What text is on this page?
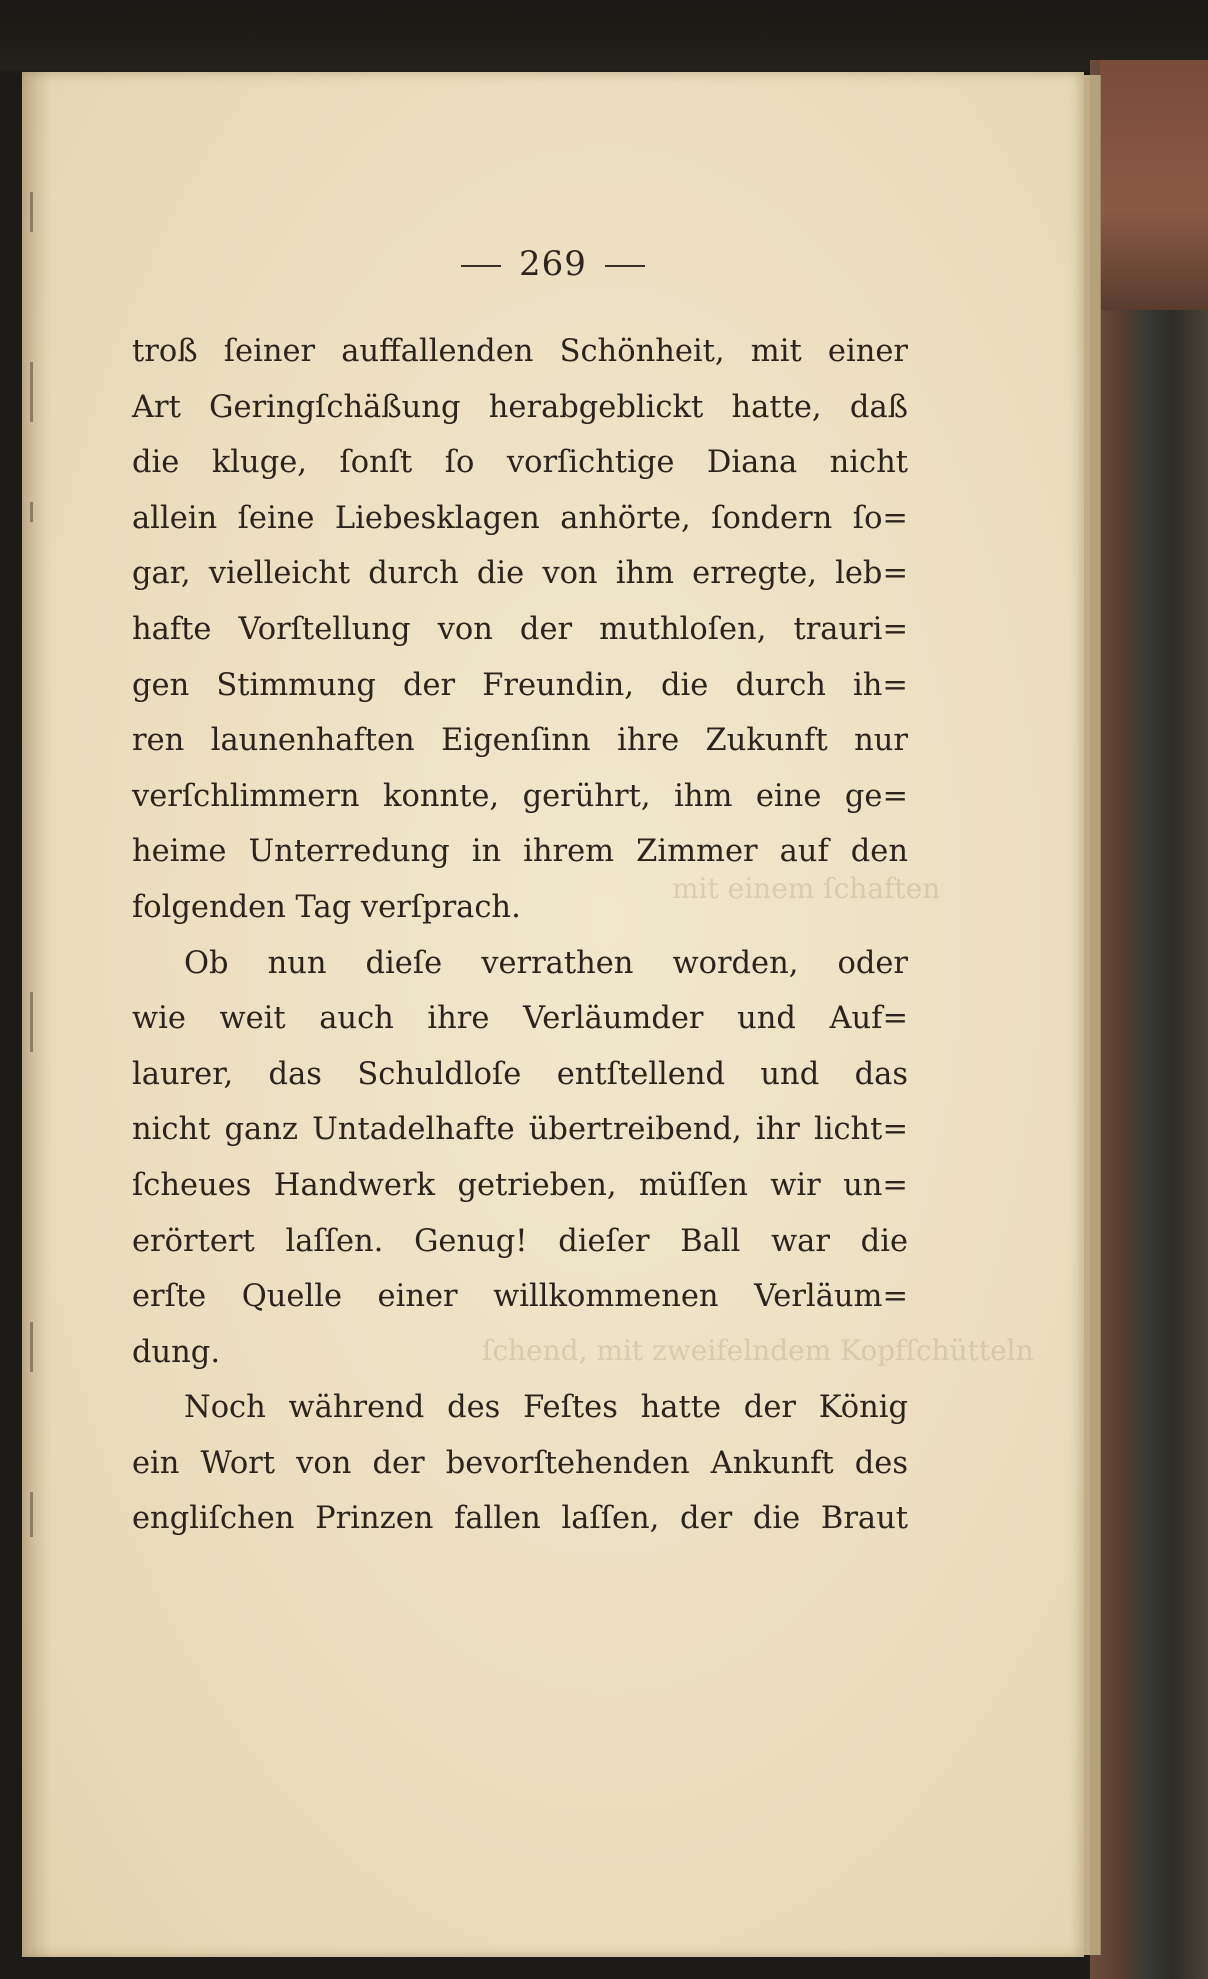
mit einem ſchaften
ſchend, mit zweifelndem Kopfſchütteln
269
troß ſeiner auffallenden Schönheit, mit einer
Art Geringſchäßung herabgeblickt hatte, daß
die kluge, ſonſt ſo vorſichtige Diana nicht
allein ſeine Liebesklagen anhörte, ſondern ſo=
gar, vielleicht durch die von ihm erregte, leb=
hafte Vorſtellung von der muthloſen, trauri=
gen Stimmung der Freundin, die durch ih=
ren launenhaften Eigenſinn ihre Zukunft nur
verſchlimmern konnte, gerührt, ihm eine ge=
heime Unterredung in ihrem Zimmer auf den
folgenden Tag verſprach.
Ob nun dieſe verrathen worden, oder
wie weit auch ihre Verläumder und Auf=
laurer, das Schuldloſe entſtellend und das
nicht ganz Untadelhafte übertreibend, ihr licht=
ſcheues Handwerk getrieben, müſſen wir un=
erörtert laſſen. Genug! dieſer Ball war die
erſte Quelle einer willkommenen Verläum=
dung.
Noch während des Feſtes hatte der König
ein Wort von der bevorſtehenden Ankunft des
engliſchen Prinzen fallen laſſen, der die Braut
